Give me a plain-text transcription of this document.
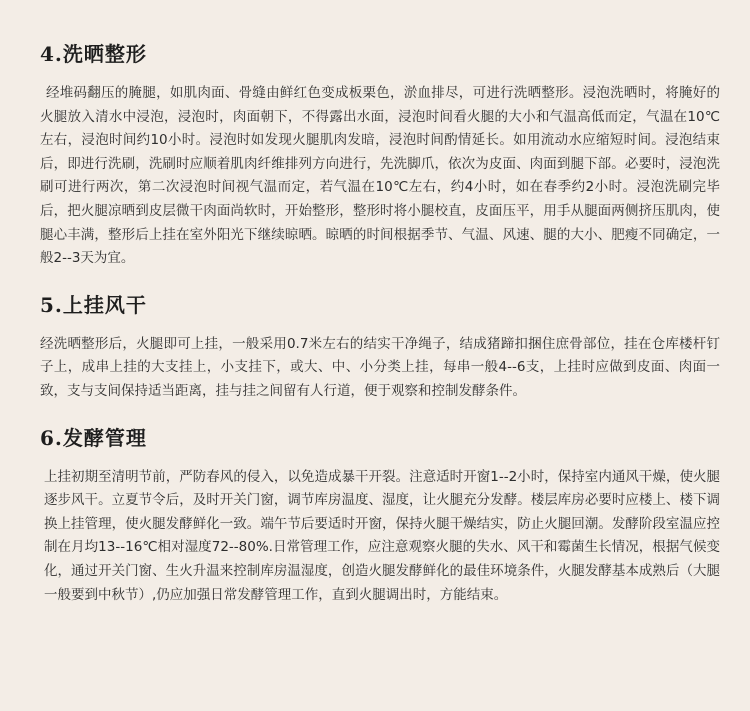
4.洗晒整形

经堆码翻压的腌腿，如肌肉面、骨缝由鲜红色变成板栗色，淤血排尽，可进行洗晒整形。浸泡洗晒时，将腌好的火腿放入清水中浸泡，浸泡时，肉面朝下，不得露出水面，浸泡时间看火腿的大小和气温高低而定，气温在10℃左右，浸泡时间约10小时。浸泡时如发现火腿肌肉发暗，浸泡时间酌情延长。如用流动水应缩短时间。浸泡结束后，即进行洗刷，洗刷时应顺着肌肉纤维排列方向进行，先洗脚爪，依次为皮面、肉面到腿下部。必要时，浸泡洗刷可进行两次，第二次浸泡时间视气温而定，若气温在10℃左右，约4小时，如在春季约2小时。浸泡洗刷完毕后，把火腿凉晒到皮层微干肉面尚软时，开始整形，整形时将小腿校直，皮面压平，用手从腿面两侧挤压肌肉，使腿心丰满，整形后上挂在室外阳光下继续晾晒。晾晒的时间根据季节、气温、风速、腿的大小、肥瘦不同确定，一般2--3天为宜。

5.上挂风干

经洗晒整形后，火腿即可上挂，一般采用0.7米左右的结实干净绳子，结成猪蹄扣捆住庶骨部位，挂在仓库楼杆钉子上，成串上挂的大支挂上，小支挂下，或大、中、小分类上挂，每串一般4--6支，上挂时应做到皮面、肉面一致，支与支间保持适当距离，挂与挂之间留有人行道，便于观察和控制发酵条件。

6.发酵管理

上挂初期至清明节前，严防春风的侵入，以免造成暴干开裂。注意适时开窗1--2小时，保持室内通风干燥，使火腿逐步风干。立夏节令后，及时开关门窗，调节库房温度、湿度，让火腿充分发酵。楼层库房必要时应楼上、楼下调换上挂管理，使火腿发酵鲜化一致。端午节后要适时开窗，保持火腿干燥结实，防止火腿回潮。发酵阶段室温应控制在月均13--16℃相对湿度72--80%.日常管理工作，应注意观察火腿的失水、风干和霉菌生长情况，根据气候变化，通过开关门窗、生火升温来控制库房温湿度，创造火腿发酵鲜化的最佳环境条件，火腿发酵基本成熟后（大腿一般要到中秋节）,仍应加强日常发酵管理工作，直到火腿调出时，方能结束。
